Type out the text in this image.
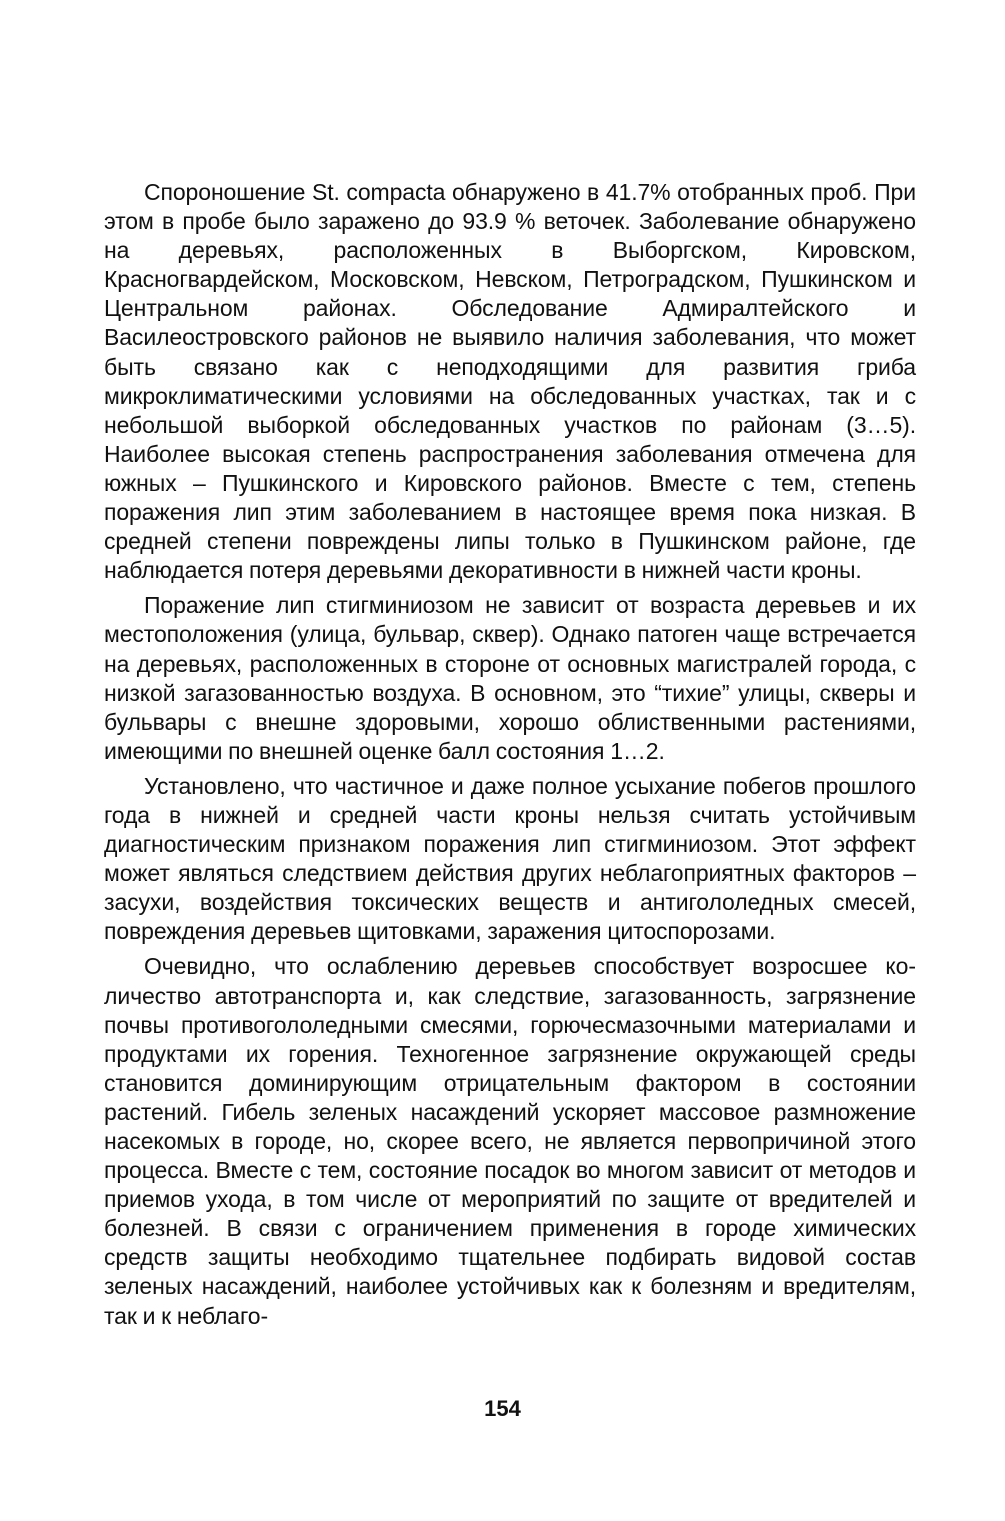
Спороношение St. compacta обнаружено в 41.7% отобранных проб. При этом в пробе было заражено до 93.9 % веточек. Заболевание обнаружено на деревьях, расположенных в Выборгском, Кировском, Красногвардейском, Московском, Невском, Петроградском, Пушкинском и Центральном районах. Обследование Адмиралтейского и Василеостровского районов не выявило наличия заболевания, что может быть связано как с неподходящими для развития гриба микроклиматическими условиями на обследованных участках, так и с небольшой выборкой обследованных участков по районам (3…5). Наиболее высокая степень распространения заболевания отмечена для южных – Пушкинского и Кировского районов. Вместе с тем, степень поражения лип этим заболеванием в настоящее время пока низкая. В средней степени повреждены липы только в Пушкинском районе, где наблюдается потеря деревьями декоративности в нижней части кроны.

Поражение лип стигминиозом не зависит от возраста деревьев и их местоположения (улица, бульвар, сквер). Однако патоген чаще встречается на деревьях, расположенных в стороне от основных магистралей города, с низкой загазованностью воздуха. В основном, это “тихие” улицы, скверы и бульвары с внешне здоровыми, хорошо облиственными растениями, имеющими по внешней оценке балл состояния 1…2.

Установлено, что частичное и даже полное усыхание побегов прошлого года в нижней и средней части кроны нельзя считать устойчивым диагностическим признаком поражения лип стигминиозом. Этот эффект может являться следствием действия других неблагоприятных факторов – засухи, воздействия токсических веществ и антигололедных смесей, повреждения деревьев щитовками, заражения цитоспорозами.

Очевидно, что ослаблению деревьев способствует возросшее количество автотранспорта и, как следствие, загазованность, загрязнение почвы противогололедными смесями, горючесмазочными материалами и продуктами их горения. Техногенное загрязнение окружающей среды становится доминирующим отрицательным фактором в состоянии растений. Гибель зеленых насаждений ускоряет массовое размножение насекомых в городе, но, скорее всего, не является первопричиной этого процесса. Вместе с тем, состояние посадок во многом зависит от методов и приемов ухода, в том числе от мероприятий по защите от вредителей и болезней. В связи с ограничением применения в городе химических средств защиты необходимо тщательнее подбирать видовой состав зеленых насаждений, наиболее устойчивых как к болезням и вредителям, так и к неблаго-

154
